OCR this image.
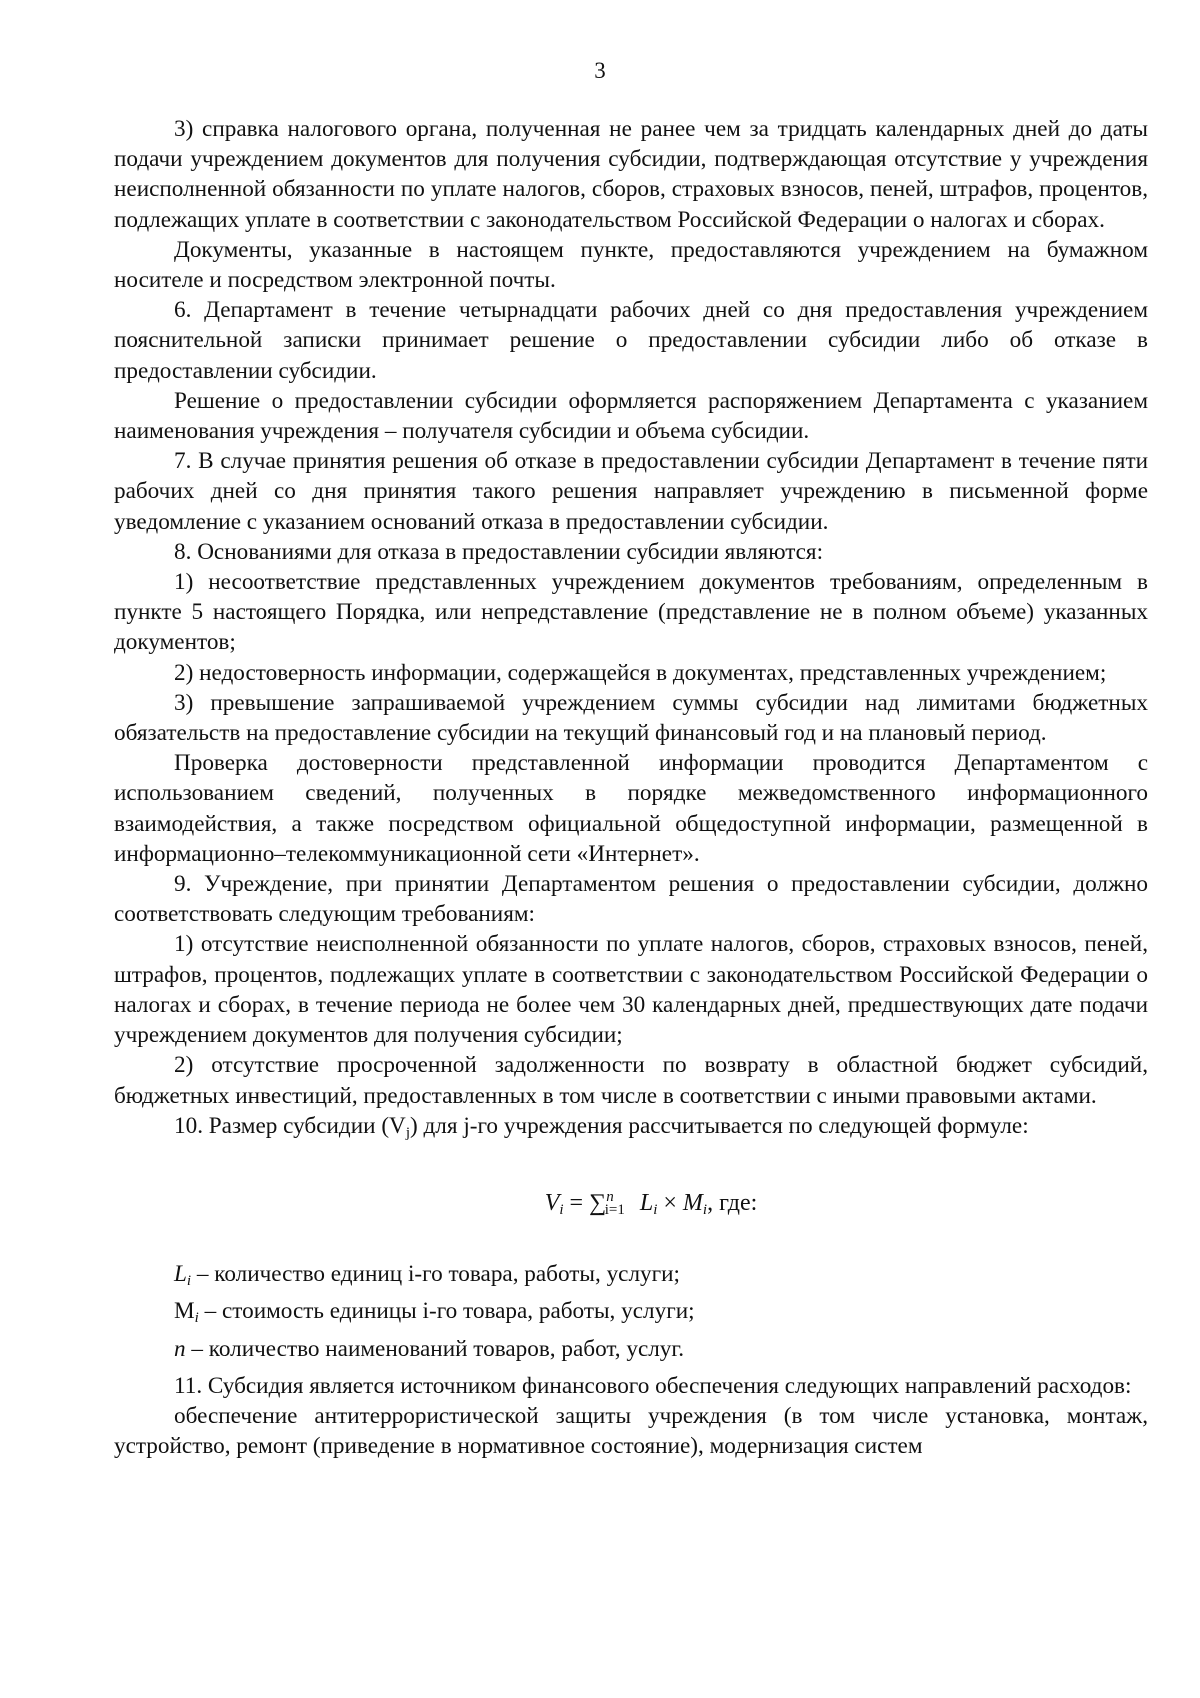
3

3) справка налогового органа, полученная не ранее чем за тридцать календарных дней до даты подачи учреждением документов для получения субсидии, подтверждающая отсутствие у учреждения неисполненной обязанности по уплате налогов, сборов, страховых взносов, пеней, штрафов, процентов, подлежащих уплате в соответствии с законодательством Российской Федерации о налогах и сборах.

Документы, указанные в настоящем пункте, предоставляются учреждением на бумажном носителе и посредством электронной почты.

6. Департамент в течение четырнадцати рабочих дней со дня предоставления учреждением пояснительной записки принимает решение о предоставлении субсидии либо об отказе в предоставлении субсидии.

Решение о предоставлении субсидии оформляется распоряжением Департамента с указанием наименования учреждения – получателя субсидии и объема субсидии.

7. В случае принятия решения об отказе в предоставлении субсидии Департамент в течение пяти рабочих дней со дня принятия такого решения направляет учреждению в письменной форме уведомление с указанием оснований отказа в предоставлении субсидии.

8. Основаниями для отказа в предоставлении субсидии являются:

1) несоответствие представленных учреждением документов требованиям, определенным в пункте 5 настоящего Порядка, или непредставление (представление не в полном объеме) указанных документов;

2) недостоверность информации, содержащейся в документах, представленных учреждением;

3) превышение запрашиваемой учреждением суммы субсидии над лимитами бюджетных обязательств на предоставление субсидии на текущий финансовый год и на плановый период.

Проверка достоверности представленной информации проводится Департаментом с использованием сведений, полученных в порядке межведомственного информационного взаимодействия, а также посредством официальной общедоступной информации, размещенной в информационно–телекоммуникационной сети «Интернет».

9. Учреждение, при принятии Департаментом решения о предоставлении субсидии, должно соответствовать следующим требованиям:

1) отсутствие неисполненной обязанности по уплате налогов, сборов, страховых взносов, пеней, штрафов, процентов, подлежащих уплате в соответствии с законодательством Российской Федерации о налогах и сборах, в течение периода не более чем 30 календарных дней, предшествующих дате подачи учреждением документов для получения субсидии;

2) отсутствие просроченной задолженности по возврату в областной бюджет субсидий, бюджетных инвестиций, предоставленных в том числе в соответствии с иными правовыми актами.

10. Размер субсидии $(V_j)$ для j-го учреждения рассчитывается по следующей формуле:

$V_i = \sum^n_{i=1}$ $L_i \times M_i$, где:

$L_i$ – количество единиц i-го товара, работы, услуги;

$M_i$ – стоимость единицы i-го товара, работы, услуги;

n – количество наименований товаров, работ, услуг.

11. Субсидия является источником финансового обеспечения следующих направлений расходов:

обеспечение антитеррористической защиты учреждения (в том числе установка, монтаж, устройство, ремонт (приведение в нормативное состояние), модернизация систем
